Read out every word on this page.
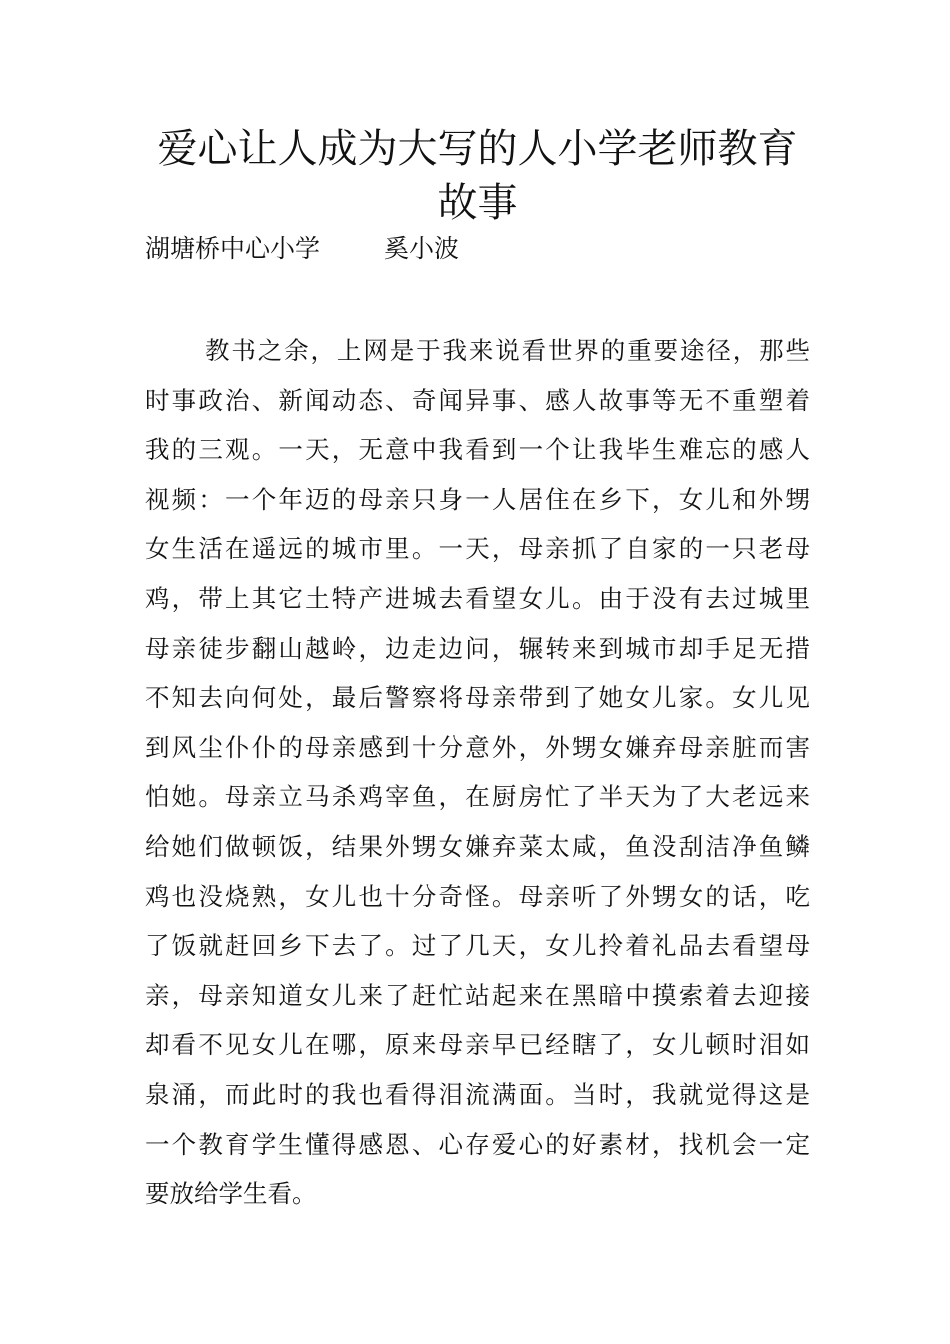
爱心让人成为大写的人小学老师教育故事
湖塘桥中心小学	奚小波
教书之余，上网是于我来说看世界的重要途径，那些
时事政治、新闻动态、奇闻异事、感人故事等无不重塑着
我的三观。一天，无意中我看到一个让我毕生难忘的感人
视频：一个年迈的母亲只身一人居住在乡下，女儿和外甥
女生活在遥远的城市里。一天，母亲抓了自家的一只老母
鸡，带上其它土特产进城去看望女儿。由于没有去过城里
母亲徒步翻山越岭，边走边问，辗转来到城市却手足无措
不知去向何处，最后警察将母亲带到了她女儿家。女儿见
到风尘仆仆的母亲感到十分意外，外甥女嫌弃母亲脏而害
怕她。母亲立马杀鸡宰鱼，在厨房忙了半天为了大老远来
给她们做顿饭，结果外甥女嫌弃菜太咸，鱼没刮洁净鱼鳞
鸡也没烧熟，女儿也十分奇怪。母亲听了外甥女的话，吃
了饭就赶回乡下去了。过了几天，女儿拎着礼品去看望母
亲，母亲知道女儿来了赶忙站起来在黑暗中摸索着去迎接
却看不见女儿在哪，原来母亲早已经瞎了，女儿顿时泪如
泉涌，而此时的我也看得泪流满面。当时，我就觉得这是
一个教育学生懂得感恩、心存爱心的好素材，找机会一定
要放给学生看。
